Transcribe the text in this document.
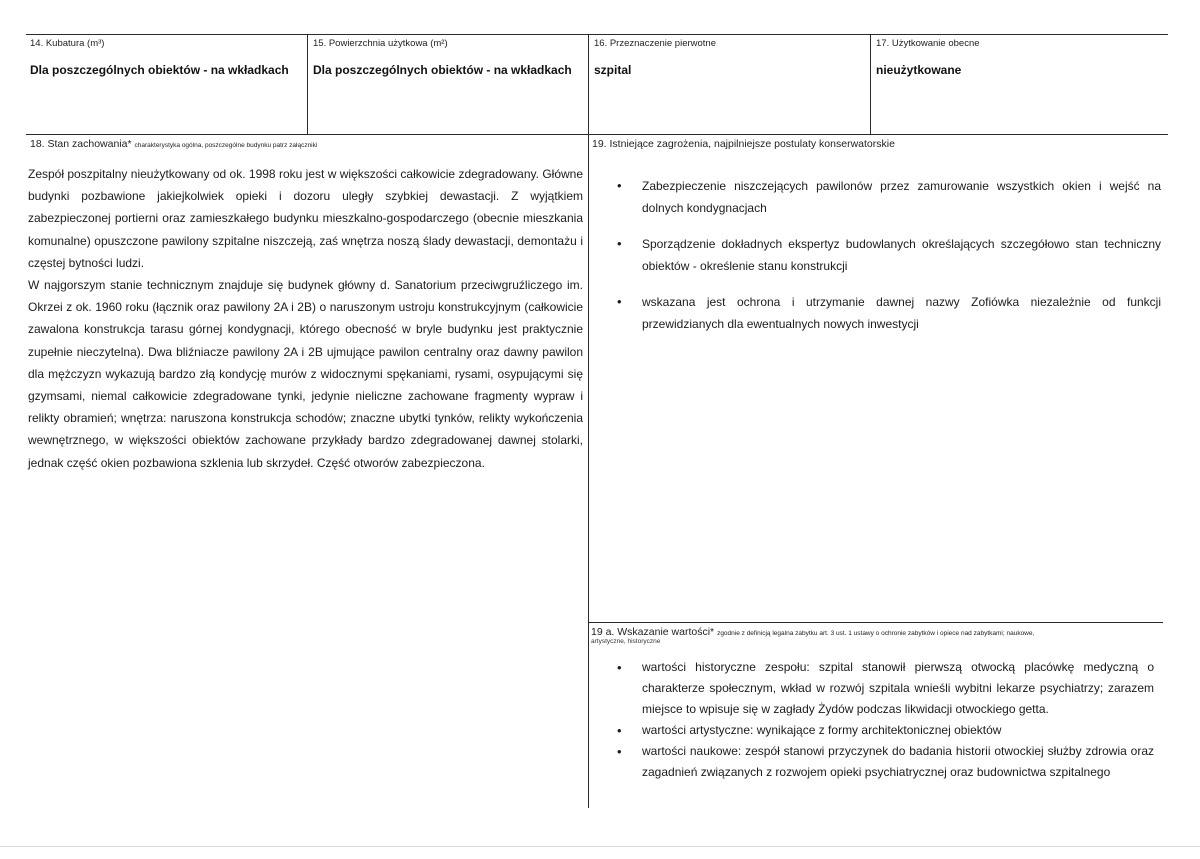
14. Kubatura (m³)
Dla poszczególnych obiektów - na wkładkach
15. Powierzchnia użytkowa (m²)
Dla poszczególnych obiektów - na wkładkach
16. Przeznaczenie pierwotne
szpital
17. Użytkowanie obecne
nieużytkowane
18. Stan zachowania* charakterystyka ogólna, poszczególne budynku patrz załączniki

Zespół poszpitalny nieużytkowany od ok. 1998 roku jest w większości całkowicie zdegradowany. Główne budynki pozbawione jakiejkolwiek opieki i dozoru uległy szybkiej dewastacji. Z wyjątkiem zabezpieczonej portierni oraz zamieszkałego budynku mieszkalno-gospodarczego (obecnie mieszkania komunalne) opuszczone pawilony szpitalne niszczeją, zaś wnętrza noszą ślady dewastacji, demontażu i częstej bytności ludzi.

W najgorszym stanie technicznym znajduje się budynek główny d. Sanatorium przeciwgruźliczego im. Okrzei z ok. 1960 roku (łącznik oraz pawilony 2A i 2B) o naruszonym ustroju konstrukcyjnym (całkowicie zawalona konstrukcja tarasu górnej kondygnacji, którego obecność w bryle budynku jest praktycznie zupełnie nieczytelna). Dwa bliźniacze pawilony 2A i 2B ujmujące pawilon centralny oraz dawny pawilon dla mężczyzn wykazują bardzo złą kondycję murów z widocznymi spękaniami, rysami, osypującymi się gzymsami, niemal całkowicie zdegradowane tynki, jedynie nieliczne zachowane fragmenty wypraw i relikty obramień; wnętrza: naruszona konstrukcja schodów; znaczne ubytki tynków, relikty wykończenia wewnętrznego, w większości obiektów zachowane przykłady bardzo zdegradowanej dawnej stolarki, jednak część okien pozbawiona szklenia lub skrzydeł. Część otworów zabezpieczona.

19. Istniejące zagrożenia, najpilniejsze postulaty konserwatorskie
• Zabezpieczenie niszczejących pawilonów przez zamurowanie wszystkich okien i wejść na dolnych kondygnacjach
• Sporządzenie dokładnych ekspertyz budowlanych określających szczegółowo stan techniczny obiektów - określenie stanu konstrukcji
• wskazana jest ochrona i utrzymanie dawnej nazwy Zofiówka niezależnie od funkcji przewidzianych dla ewentualnych nowych inwestycji
19 a. Wskazanie wartości* zgodnie z definicją legalna zabytku art. 3 ust. 1 ustawy o ochronie zabytków i opiece nad zabytkami; naukowe,
artystyczne, historyczne
• wartości historyczne zespołu: szpital stanowił pierwszą otwocką placówkę medyczną o charakterze społecznym, wkład w rozwój szpitala wnieśli wybitni lekarze psychiatrzy; zarazem miejsce to wpisuje się w zagłady Żydów podczas likwidacji otwockiego getta.
• wartości artystyczne: wynikające z formy architektonicznej obiektów
• wartości naukowe: zespół stanowi przyczynek do badania historii otwockiej służby zdrowia oraz zagadnień związanych z rozwojem opieki psychiatrycznej oraz budownictwa szpitalnego
